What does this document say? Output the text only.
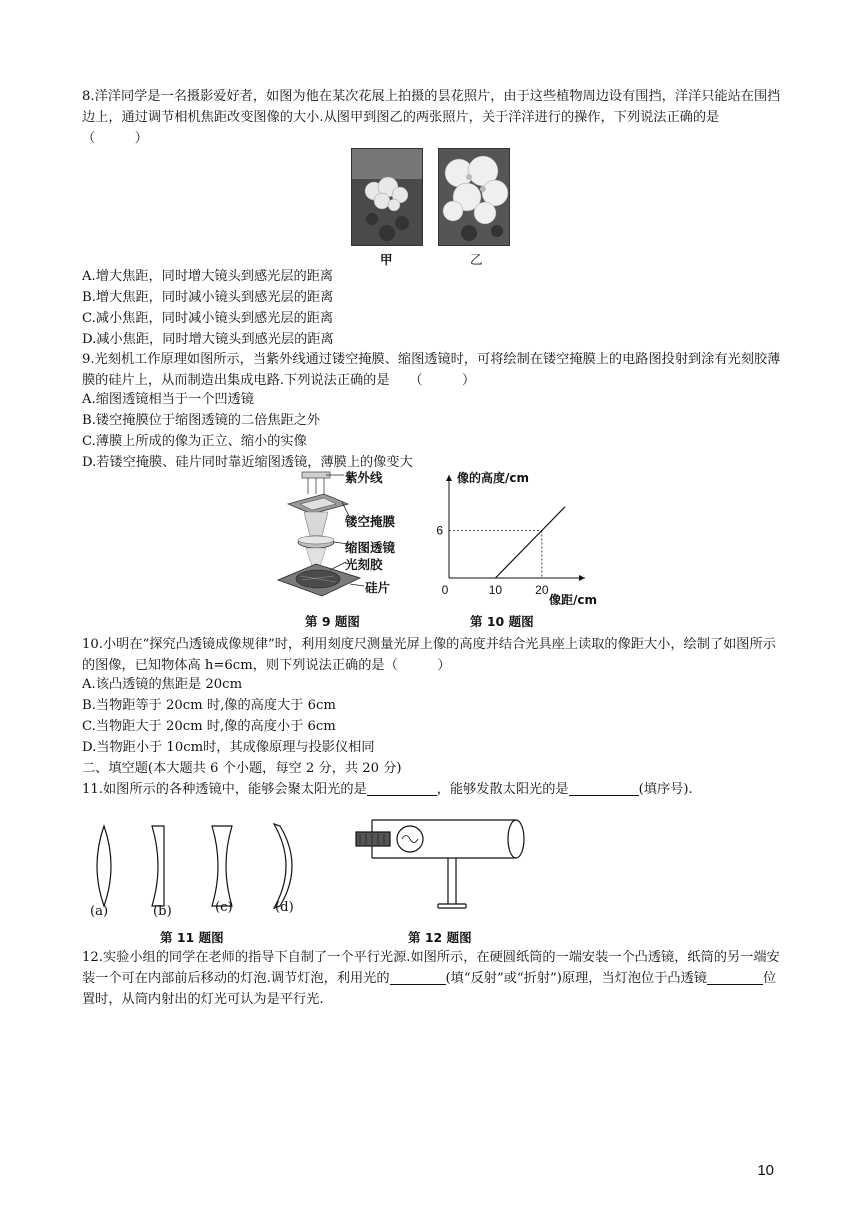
8.洋洋同学是一名摄影爱好者，如图为他在某次花展上拍摄的昙花照片，由于这些植物周边设有围挡，洋洋只能站在围挡边上，通过调节相机焦距改变图像的大小.从图甲到图乙的两张照片，关于洋洋进行的操作，下列说法正确的是　（　　　）

甲	乙
A.增大焦距，同时增大镜头到感光层的距离
B.增大焦距，同时减小镜头到感光层的距离
C.减小焦距，同时减小镜头到感光层的距离
D.减小焦距，同时增大镜头到感光层的距离

9.光刻机工作原理如图所示，当紫外线通过镂空掩膜、缩图透镜时，可将绘制在镂空掩膜上的电路图投射到涂有光刻胶薄膜的硅片上，从而制造出集成电路.下列说法正确的是　　（　　　）

A.缩图透镜相当于一个凹透镜
B.镂空掩膜位于缩图透镜的二倍焦距之外
C.薄膜上所成的像为正立、缩小的实像
D.若镂空掩膜、硅片同时靠近缩图透镜，薄膜上的像变大
紫外线
镂空掩膜
缩图透镜
光刻胶
硅片
第 9 题图
0	10	20
6
像的高度/cm
像距/cm
第 10 题图

10.小明在“探究凸透镜成像规律”时，利用刻度尺测量光屏上像的高度并结合光具座上读取的像距大小，绘制了如图所示的图像，已知物体高 h=6cm，则下列说法正确的是（　　　）

A.该凸透镜的焦距是 20cm
B.当物距等于 20cm 时,像的高度大于 6cm
C.当物距大于 20cm 时,像的高度小于 6cm
D.当物距小于 10cm时，其成像原理与投影仪相同
二、填空题(本大题共 6 个小题，每空 2 分，共 20 分)
11.如图所示的各种透镜中，能够会聚太阳光的是	，能够发散太阳光的是	(填序号).
(a)	(b)	(c)	(d)
第 11 题图	第 12 题图

12.实验小组的同学在老师的指导下自制了一个平行光源.如图所示，在硬圆纸筒的一端安装一个凸透镜，纸筒的另一端安装一个可在内部前后移动的灯泡.调节灯泡，利用光的	(填“反射”或“折射”)原理，当灯泡位于凸透镜	位置时，从筒内射出的灯光可认为是平行光.

10
